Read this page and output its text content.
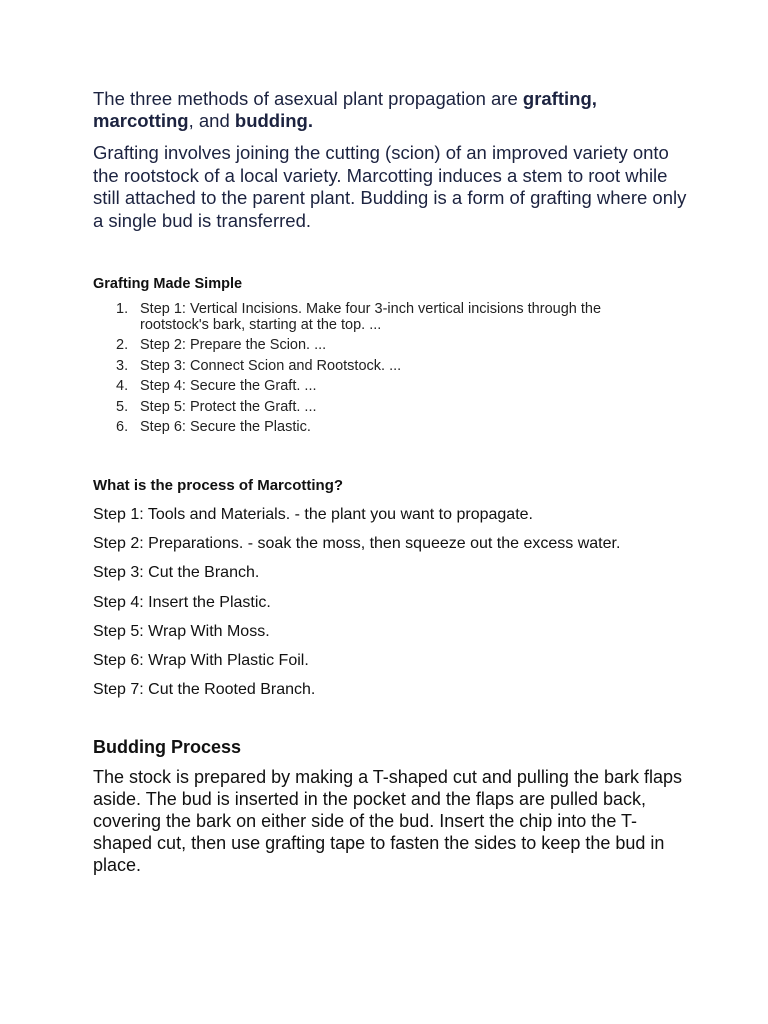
The three methods of asexual plant propagation are grafting, marcotting, and budding.

Grafting involves joining the cutting (scion) of an improved variety onto the rootstock of a local variety. Marcotting induces a stem to root while still attached to the parent plant. Budding is a form of grafting where only a single bud is transferred.

Grafting Made Simple
1. Step 1: Vertical Incisions. Make four 3-inch vertical incisions through the rootstock's bark, starting at the top. ...
2. Step 2: Prepare the Scion. ...
3. Step 3: Connect Scion and Rootstock. ...
4. Step 4: Secure the Graft. ...
5. Step 5: Protect the Graft. ...
6. Step 6: Secure the Plastic.
What is the process of Marcotting?

Step 1: Tools and Materials. - the plant you want to propagate.

Step 2: Preparations. - soak the moss, then squeeze out the excess water.

Step 3: Cut the Branch.

Step 4: Insert the Plastic.

Step 5: Wrap With Moss.

Step 6: Wrap With Plastic Foil.

Step 7: Cut the Rooted Branch.

Budding Process

The stock is prepared by making a T-shaped cut and pulling the bark flaps aside. The bud is inserted in the pocket and the flaps are pulled back, covering the bark on either side of the bud. Insert the chip into the T-shaped cut, then use grafting tape to fasten the sides to keep the bud in place.
